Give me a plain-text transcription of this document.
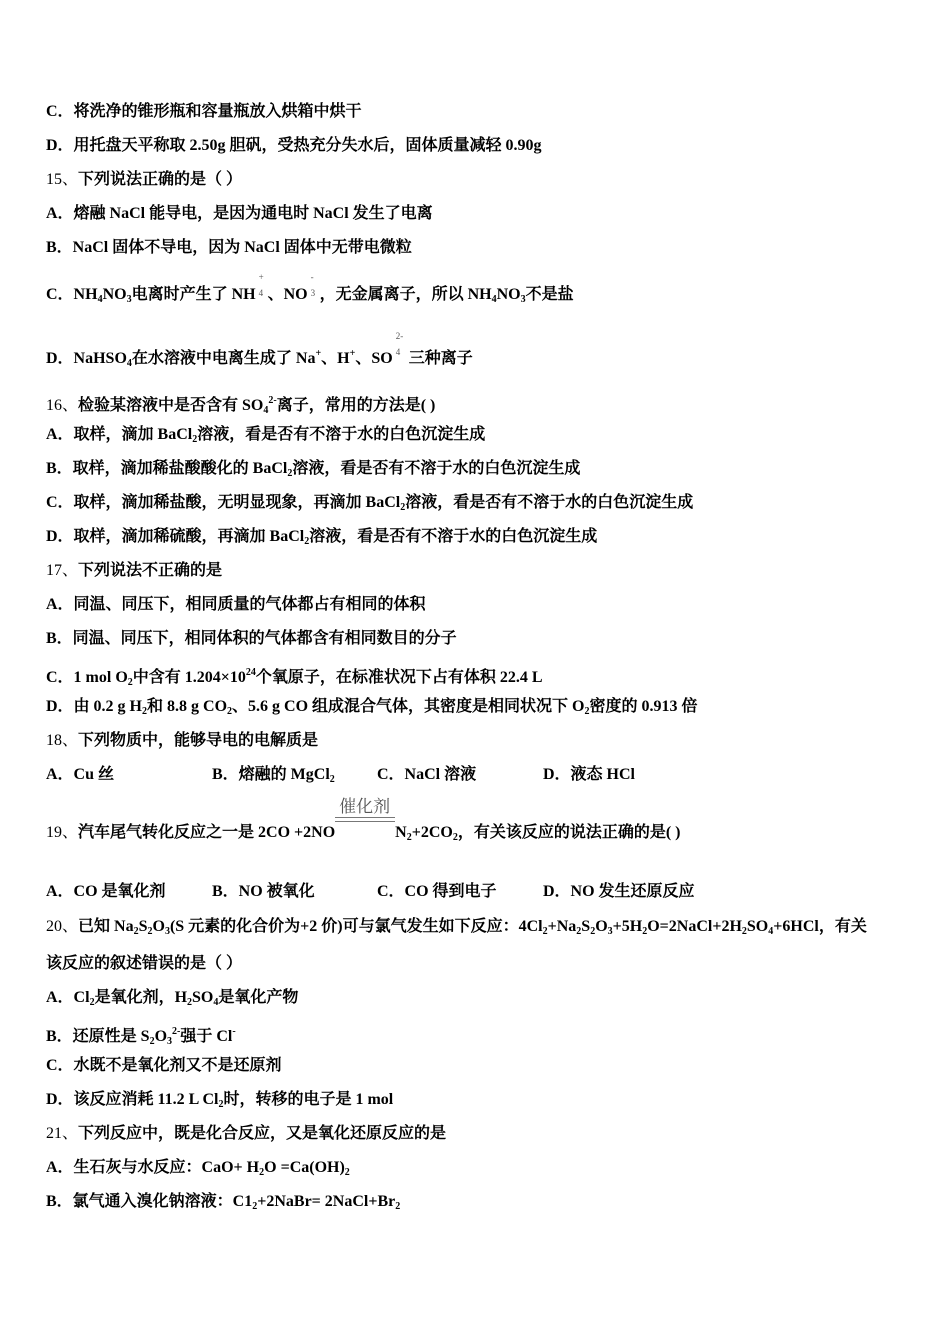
C．将洗净的锥形瓶和容量瓶放入烘箱中烘干
D．用托盘天平称取 2.50g 胆矾，受热充分失水后，固体质量减轻 0.90g
15、下列说法正确的是（ ）
A．熔融 NaCl 能导电，是因为通电时 NaCl 发生了电离
B．NaCl 固体不导电，因为 NaCl 固体中无带电微粒
C．$NH_4NO_3$电离时产生了 NH
+
4 、NO
-
3 ，无金属离子，所以 $NH_4NO_3$不是盐
D．NaHSO$_4$在水溶液中电离生成了 Na+、H+、SO
2-
4 三种离子
16、检验某溶液中是否含有 $SO_4^{2-}$离子，常用的方法是( )
A．取样，滴加 BaCl$_2$溶液，看是否有不溶于水的白色沉淀生成
B．取样，滴加稀盐酸酸化的 BaCl$_2$溶液，看是否有不溶于水的白色沉淀生成
C．取样，滴加稀盐酸，无明显现象，再滴加 BaCl$_2$溶液，看是否有不溶于水的白色沉淀生成
D．取样，滴加稀硫酸，再滴加 BaCl$_2$溶液，看是否有不溶于水的白色沉淀生成
17、下列说法不正确的是
A．同温、同压下，相同质量的气体都占有相同的体积
B．同温、同压下，相同体积的气体都含有相同数目的分子
C．1 mol $O_2$中含有 $1.204\times 10^{24}$个氧原子，在标准状况下占有体积 22.4 L
D．由 0.2 g $H_2$和 8.8 g $CO_2$、5.6 g CO 组成混合气体，其密度是相同状况下 $O_2$密度的 0.913 倍
18、下列物质中，能够导电的电解质是
A．Cu 丝	B．熔融的 MgCl$_2$	C．NaCl 溶液	D．液态 HCl
19、汽车尾气转化反应之一是 2CO +2NO
催化剂
$N_2+2CO_2$，有关该反应的说法正确的是( )
A．CO 是氧化剂	B．NO 被氧化	C．CO 得到电子	D．NO 发生还原反应
20、已知 $Na_2S_2O_3(S$ 元素的化合价为+2 价)可与氯气发生如下反应：$4Cl_2+Na_2S_2O_3+5H_2O=2NaCl+2H_2SO_4+6HCl$，有关
该反应的叙述错误的是（ ）
A．$Cl_2$是氧化剂，$H_2SO_4$是氧化产物
B．还原性是 $S_2O_3^{2-}$强于 Cl-
C．水既不是氧化剂又不是还原剂
D．该反应消耗 11.2 L $Cl_2$时，转移的电子是 1 mol
21、下列反应中，既是化合反应，又是氧化还原反应的是
A．生石灰与水反应：$CaO+ H_2O =Ca(OH)_2$
B．氯气通入溴化钠溶液：$C1_2+2NaBr=$ $2NaCl+Br_2$
